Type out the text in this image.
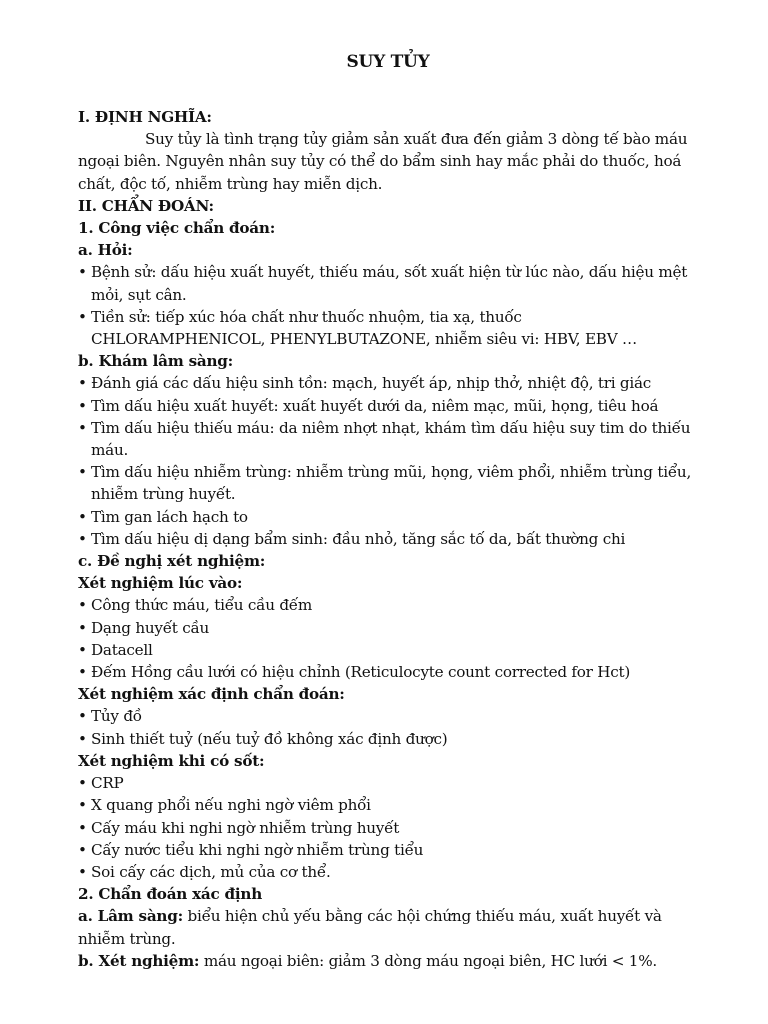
SUY TỦY
I. ĐỊNH NGHĨA:

Suy tủy là tình trạng tủy giảm sản xuất đưa đến giảm 3 dòng tế bào máu ngoại biên. Nguyên nhân suy tủy có thể do bẩm sinh hay mắc phải do thuốc, hoá chất, độc tố, nhiễm trùng hay miễn dịch.

II. CHẨN ĐOÁN:
1. Công việc chẩn đoán:
a. Hỏi:

• Bệnh sử: dấu hiệu xuất huyết, thiếu máu, sốt xuất hiện từ lúc nào, dấu hiệu mệt mỏi, sụt cân.

• Tiền sử: tiếp xúc hóa chất như thuốc nhuộm, tia xạ, thuốc CHLORAMPHENICOL, PHENYLBUTAZONE, nhiễm siêu vi: HBV, EBV …

b. Khám lâm sàng:

• Đánh giá các dấu hiệu sinh tồn: mạch, huyết áp, nhịp thở, nhiệt độ, tri giác

• Tìm dấu hiệu xuất huyết: xuất huyết dưới da, niêm mạc, mũi, họng, tiêu hoá

• Tìm dấu hiệu thiếu máu: da niêm nhợt nhạt, khám tìm dấu hiệu suy tim do thiếu máu.

• Tìm dấu hiệu nhiễm trùng: nhiễm trùng mũi, họng, viêm phổi, nhiễm trùng tiểu, nhiễm trùng huyết.

• Tìm gan lách hạch to

• Tìm dấu hiệu dị dạng bẩm sinh: đầu nhỏ, tăng sắc tố da, bất thường chi

c. Đề nghị xét nghiệm:
Xét nghiệm lúc vào:

• Công thức máu, tiểu cầu đếm

• Dạng huyết cầu

• Datacell

• Đếm Hồng cầu lưới có hiệu chỉnh (Reticulocyte count corrected for Hct)

Xét nghiệm xác định chẩn đoán:

• Tủy đồ

• Sinh thiết tuỷ (nếu tuỷ đồ không xác định được)

Xét nghiệm khi có sốt:

• CRP

• X quang phổi nếu nghi ngờ viêm phổi

• Cấy máu khi nghi ngờ nhiễm trùng huyết

• Cấy nước tiểu khi nghi ngờ nhiễm trùng tiểu

• Soi cấy các dịch, mủ của cơ thể.

2. Chẩn đoán xác định

a. Lâm sàng: biểu hiện chủ yếu bằng các hội chứng thiếu máu, xuất huyết và nhiễm trùng.

b. Xét nghiệm: máu ngoại biên: giảm 3 dòng máu ngoại biên, HC lưới < 1%.
